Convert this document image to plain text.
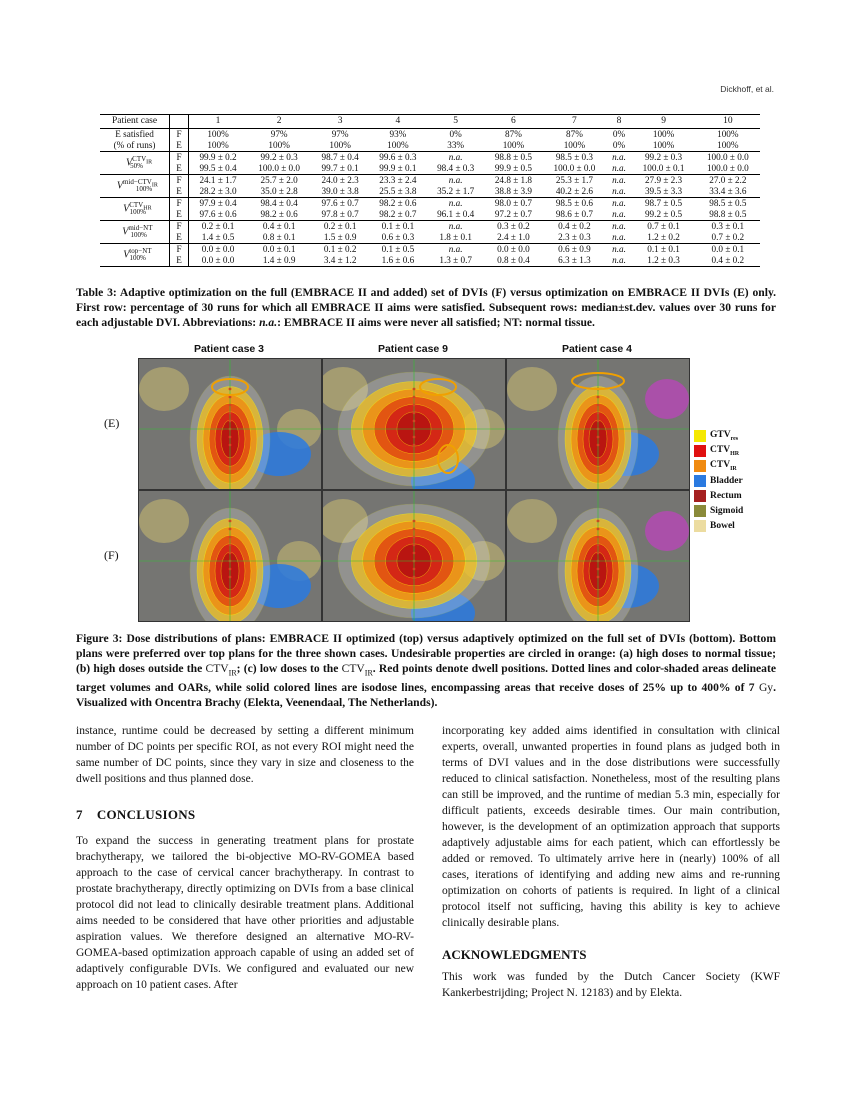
Dickhoff, et al.
Patient case		1	2	3	4	5	6	7	8	9	10
E satisfied	F	100%	97%	97%	93%	0%	87%	87%	0%	100%	100%
(% of runs)	E	100%	100%	100%	100%	33%	100%	100%	0%	100%	100%
$V^{CTV_{IR}}_{50\%}$	F	99.9 ± 0.2	99.2 ± 0.3	98.7 ± 0.4	99.6 ± 0.3	n.a.	98.8 ± 0.5	98.5 ± 0.3	n.a.	99.2 ± 0.3	100.0 ± 0.0
	E	99.5 ± 0.4	100.0 ± 0.0	99.7 ± 0.1	99.9 ± 0.1	98.4 ± 0.3	99.9 ± 0.5	100.0 ± 0.0	n.a.	100.0 ± 0.1	100.0 ± 0.0
$V^{mid-CTV_{IR}}_{100\%}$	F	24.1 ± 1.7	25.7 ± 2.0	24.0 ± 2.3	23.3 ± 2.4	n.a.	24.8 ± 1.8	25.3 ± 1.7	n.a.	27.9 ± 2.3	27.0 ± 2.2
	E	28.2 ± 3.0	35.0 ± 2.8	39.0 ± 3.8	25.5 ± 3.8	35.2 ± 1.7	38.8 ± 3.9	40.2 ± 2.6	n.a.	39.5 ± 3.3	33.4 ± 3.6
$V^{CTV_{HR}}_{100\%}$	F	97.9 ± 0.4	98.4 ± 0.4	97.6 ± 0.7	98.2 ± 0.6	n.a.	98.0 ± 0.7	98.5 ± 0.6	n.a.	98.7 ± 0.5	98.5 ± 0.5
	E	97.6 ± 0.6	98.2 ± 0.6	97.8 ± 0.7	98.2 ± 0.7	96.1 ± 0.4	97.2 ± 0.7	98.6 ± 0.7	n.a.	99.2 ± 0.5	98.8 ± 0.5
$V^{mid-NT}_{100\%}$	F	0.2 ± 0.1	0.4 ± 0.1	0.2 ± 0.1	0.1 ± 0.1	n.a.	0.3 ± 0.2	0.4 ± 0.2	n.a.	0.7 ± 0.1	0.3 ± 0.1
	E	1.4 ± 0.5	0.8 ± 0.1	1.5 ± 0.9	0.6 ± 0.3	1.8 ± 0.1	2.4 ± 1.0	2.3 ± 0.3	n.a.	1.2 ± 0.2	0.7 ± 0.2
$V^{top-NT}_{100\%}$	F	0.0 ± 0.0	0.0 ± 0.1	0.1 ± 0.2	0.1 ± 0.5	n.a.	0.0 ± 0.0	0.6 ± 0.9	n.a.	0.1 ± 0.1	0.0 ± 0.1
	E	0.0 ± 0.0	1.4 ± 0.9	3.4 ± 1.2	1.6 ± 0.6	1.3 ± 0.7	0.8 ± 0.4	6.3 ± 1.3	n.a.	1.2 ± 0.3	0.4 ± 0.2
Table 3: Adaptive optimization on the full (EMBRACE II and added) set of DVIs (F) versus optimization on EMBRACE II DVIs (E) only. First row: percentage of 30 runs for which all EMBRACE II aims were satisfied. Subsequent rows: median±st.dev. values over 30 runs for each adjustable DVI. Abbreviations: n.a.: EMBRACE II aims were never all satisfied; NT: normal tissue.
Patient case 3	Patient case 9	Patient case 4
(E)
(F)
$GTV_{res}$
$CTV_{HR}$
$CTV_{IR}$
Bladder
Rectum
Sigmoid
Bowel
Figure 3: Dose distributions of plans: EMBRACE II optimized (top) versus adaptively optimized on the full set of DVIs (bottom). Bottom plans were preferred over top plans for the three shown cases. Undesirable properties are circled in orange: (a) high doses to normal tissue; (b) high doses outside the $CTV_{IR}$; (c) low doses to the $CTV_{IR}$. Red points denote dwell positions. Dotted lines and color-shaded areas delineate target volumes and OARs, while solid colored lines are isodose lines, encompassing areas that receive doses of 25% up to 400% of 7 Gy. Visualized with Oncentra Brachy (Elekta, Veenendaal, The Netherlands).

instance, runtime could be decreased by setting a different minimum number of DC points per specific ROI, as not every ROI might need the same number of DC points, since they vary in size and closeness to the dwell positions and thus planned dose.

7 CONCLUSIONS

To expand the success in generating treatment plans for prostate brachytherapy, we tailored the bi-objective MO-RV-GOMEA based approach to the case of cervical cancer brachytherapy. In contrast to prostate brachytherapy, directly optimizing on DVIs from a base clinical protocol did not lead to clinically desirable treatment plans. Additional aims needed to be considered that have other priorities and adjustable aspiration values. We therefore designed an alternative MO-RV-GOMEA-based optimization approach capable of using an added set of adaptively configurable DVIs. We configured and evaluated our new approach on 10 patient cases. After

incorporating key added aims identified in consultation with clinical experts, overall, unwanted properties in found plans as judged both in terms of DVI values and in the dose distributions were successfully reduced to clinical satisfaction. Nonetheless, most of the resulting plans can still be improved, and the runtime of median 5.3 min, especially for difficult patients, exceeds desirable times. Our main contribution, however, is the development of an optimization approach that supports adaptively adjustable aims for each patient, which can effortlessly be added or removed. To ultimately arrive here in (nearly) 100% of all cases, iterations of identifying and adding new aims and re-running optimization on cohorts of patients is required. In light of a clinical protocol itself not sufficing, having this ability is key to achieve clinically desirable plans.

ACKNOWLEDGMENTS

This work was funded by the Dutch Cancer Society (KWF Kankerbestrijding; Project N. 12183) and by Elekta.
